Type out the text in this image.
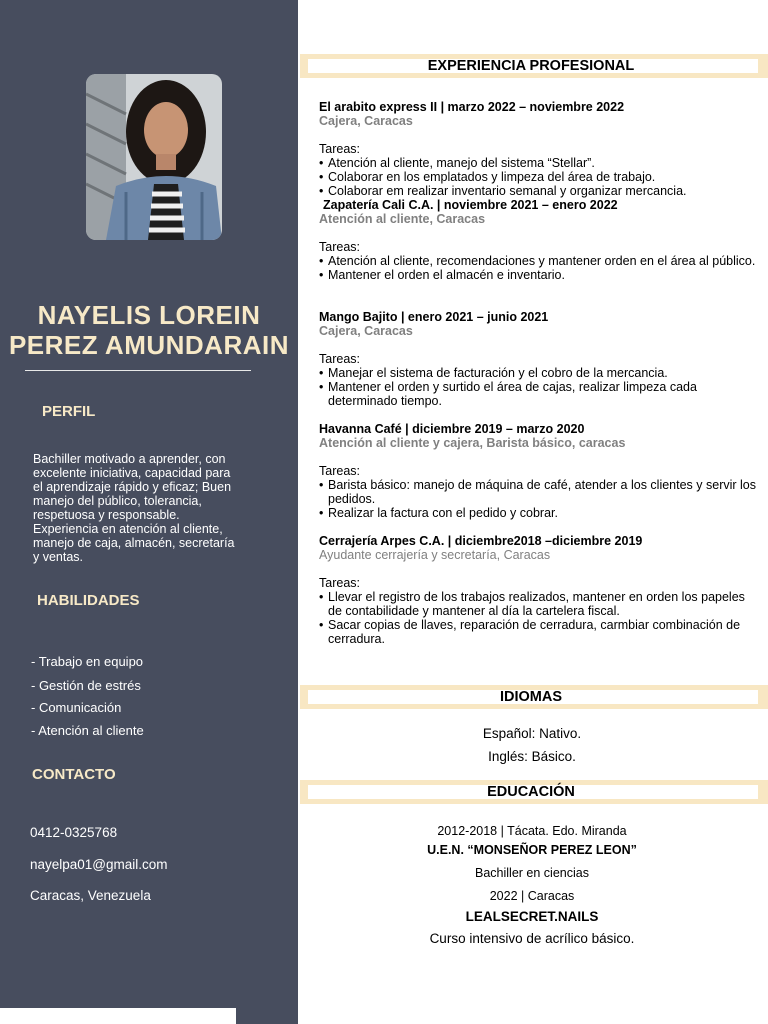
NAYELIS LOREIN
PEREZ AMUNDARAIN
PERFIL
Bachiller motivado a aprender, con excelente iniciativa, capacidad para el aprendizaje rápido y eficaz; Buen manejo del público, tolerancia, respetuosa y responsable. Experiencia en atención al cliente, manejo de caja, almacén, secretaría y ventas.
HABILIDADES
- Trabajo en equipo
- Gestión de estrés
- Comunicación
- Atención al cliente
CONTACTO
0412-0325768
nayelpa01@gmail.com
Caracas, Venezuela
EXPERIENCIA PROFESIONAL
El arabito express II | marzo 2022 – noviembre 2022
Cajera, Caracas
Tareas:
• Atención al cliente, manejo del sistema “Stellar”.
• Colaborar en los emplatados y limpeza del área de trabajo.
• Colaborar em realizar inventario semanal y organizar mercancia.
Zapatería Cali C.A. | noviembre 2021 – enero 2022
Atención al cliente, Caracas
Tareas:
• Atención al cliente, recomendaciones y mantener orden en el área al público.
• Mantener el orden el almacén e inventario.
Mango Bajito | enero 2021 – junio 2021
Cajera, Caracas
Tareas:
• Manejar el sistema de facturación y el cobro de la mercancia.
• Mantener el orden y surtido el área de cajas, realizar limpeza cada determinado tiempo.
Havanna Café | diciembre 2019 – marzo 2020
Atención al cliente y cajera, Barista básico, caracas
Tareas:
• Barista básico: manejo de máquina de café, atender a los clientes y servir los pedidos.
• Realizar la factura con el pedido y cobrar.
Cerrajería Arpes C.A. | diciembre2018 –diciembre 2019
Ayudante cerrajería y secretaría, Caracas
Tareas:
• Llevar el registro de los trabajos realizados, mantener en orden los papeles de contabilidade y mantener al día la cartelera fiscal.
• Sacar copias de llaves, reparación de cerradura, carmbiar combinación de cerradura.
IDIOMAS
Español: Nativo.
Inglés: Básico.
EDUCACIÓN
2012-2018 | Tácata. Edo. Miranda
U.E.N. “MONSEÑOR PEREZ LEON”
Bachiller en ciencias
2022 | Caracas
LEALSECRET.NAILS
Curso intensivo de acrílico básico.
